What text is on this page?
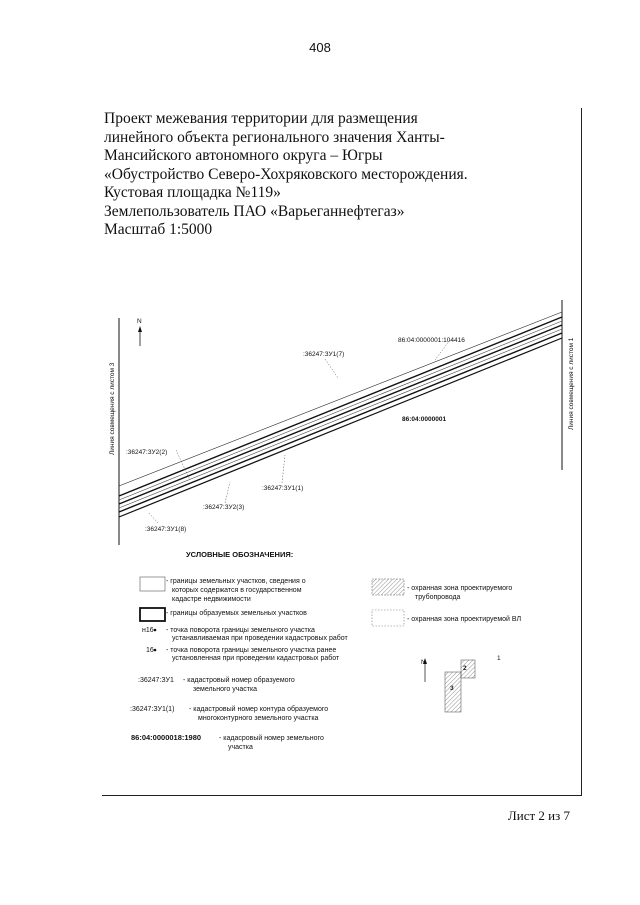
408
Проект межевания территории для размещения
линейного объекта регионального значения Ханты-
Мансийского автономного округа – Югры
«Обустройство Северо-Хохряковского месторождения.
Кустовая площадка №119»
Землепользователь ПАО «Варьеганнефтегаз»
Масштаб 1:5000
Линия совмещения с листом 3	Линия совмещения с листом 1
N
:36247:ЗУ1(7)
86:04:0000001:104416
86:04:0000001
:36247:ЗУ2(2)
:36247:ЗУ1(1)
:36247:ЗУ2(3)
:36247:ЗУ1(8)
УСЛОВНЫЕ ОБОЗНАЧЕНИЯ:
- границы земельных участков, сведения о
которых содержатся в государственном
кадастре недвижимости
- границы образуемых земельных участков
н16 - точка поворота границы земельного участка
устанавливаемая при проведении кадастровых работ
16 - точка поворота границы земельного участка ранее
установленная при проведении кадастровых работ
:36247:ЗУ1 - кадастровый номер образуемого
земельного участка
:36247:ЗУ1(1) - кадастровый номер контура образуемого
многоконтурного земельного участка
86:04:0000018:1980	- кадасровый номер земельного
участка
- охранная зона проектируемого
трубопровода
- охранная зона проектируемой ВЛ
N
2
3
1
Лист 2 из 7
